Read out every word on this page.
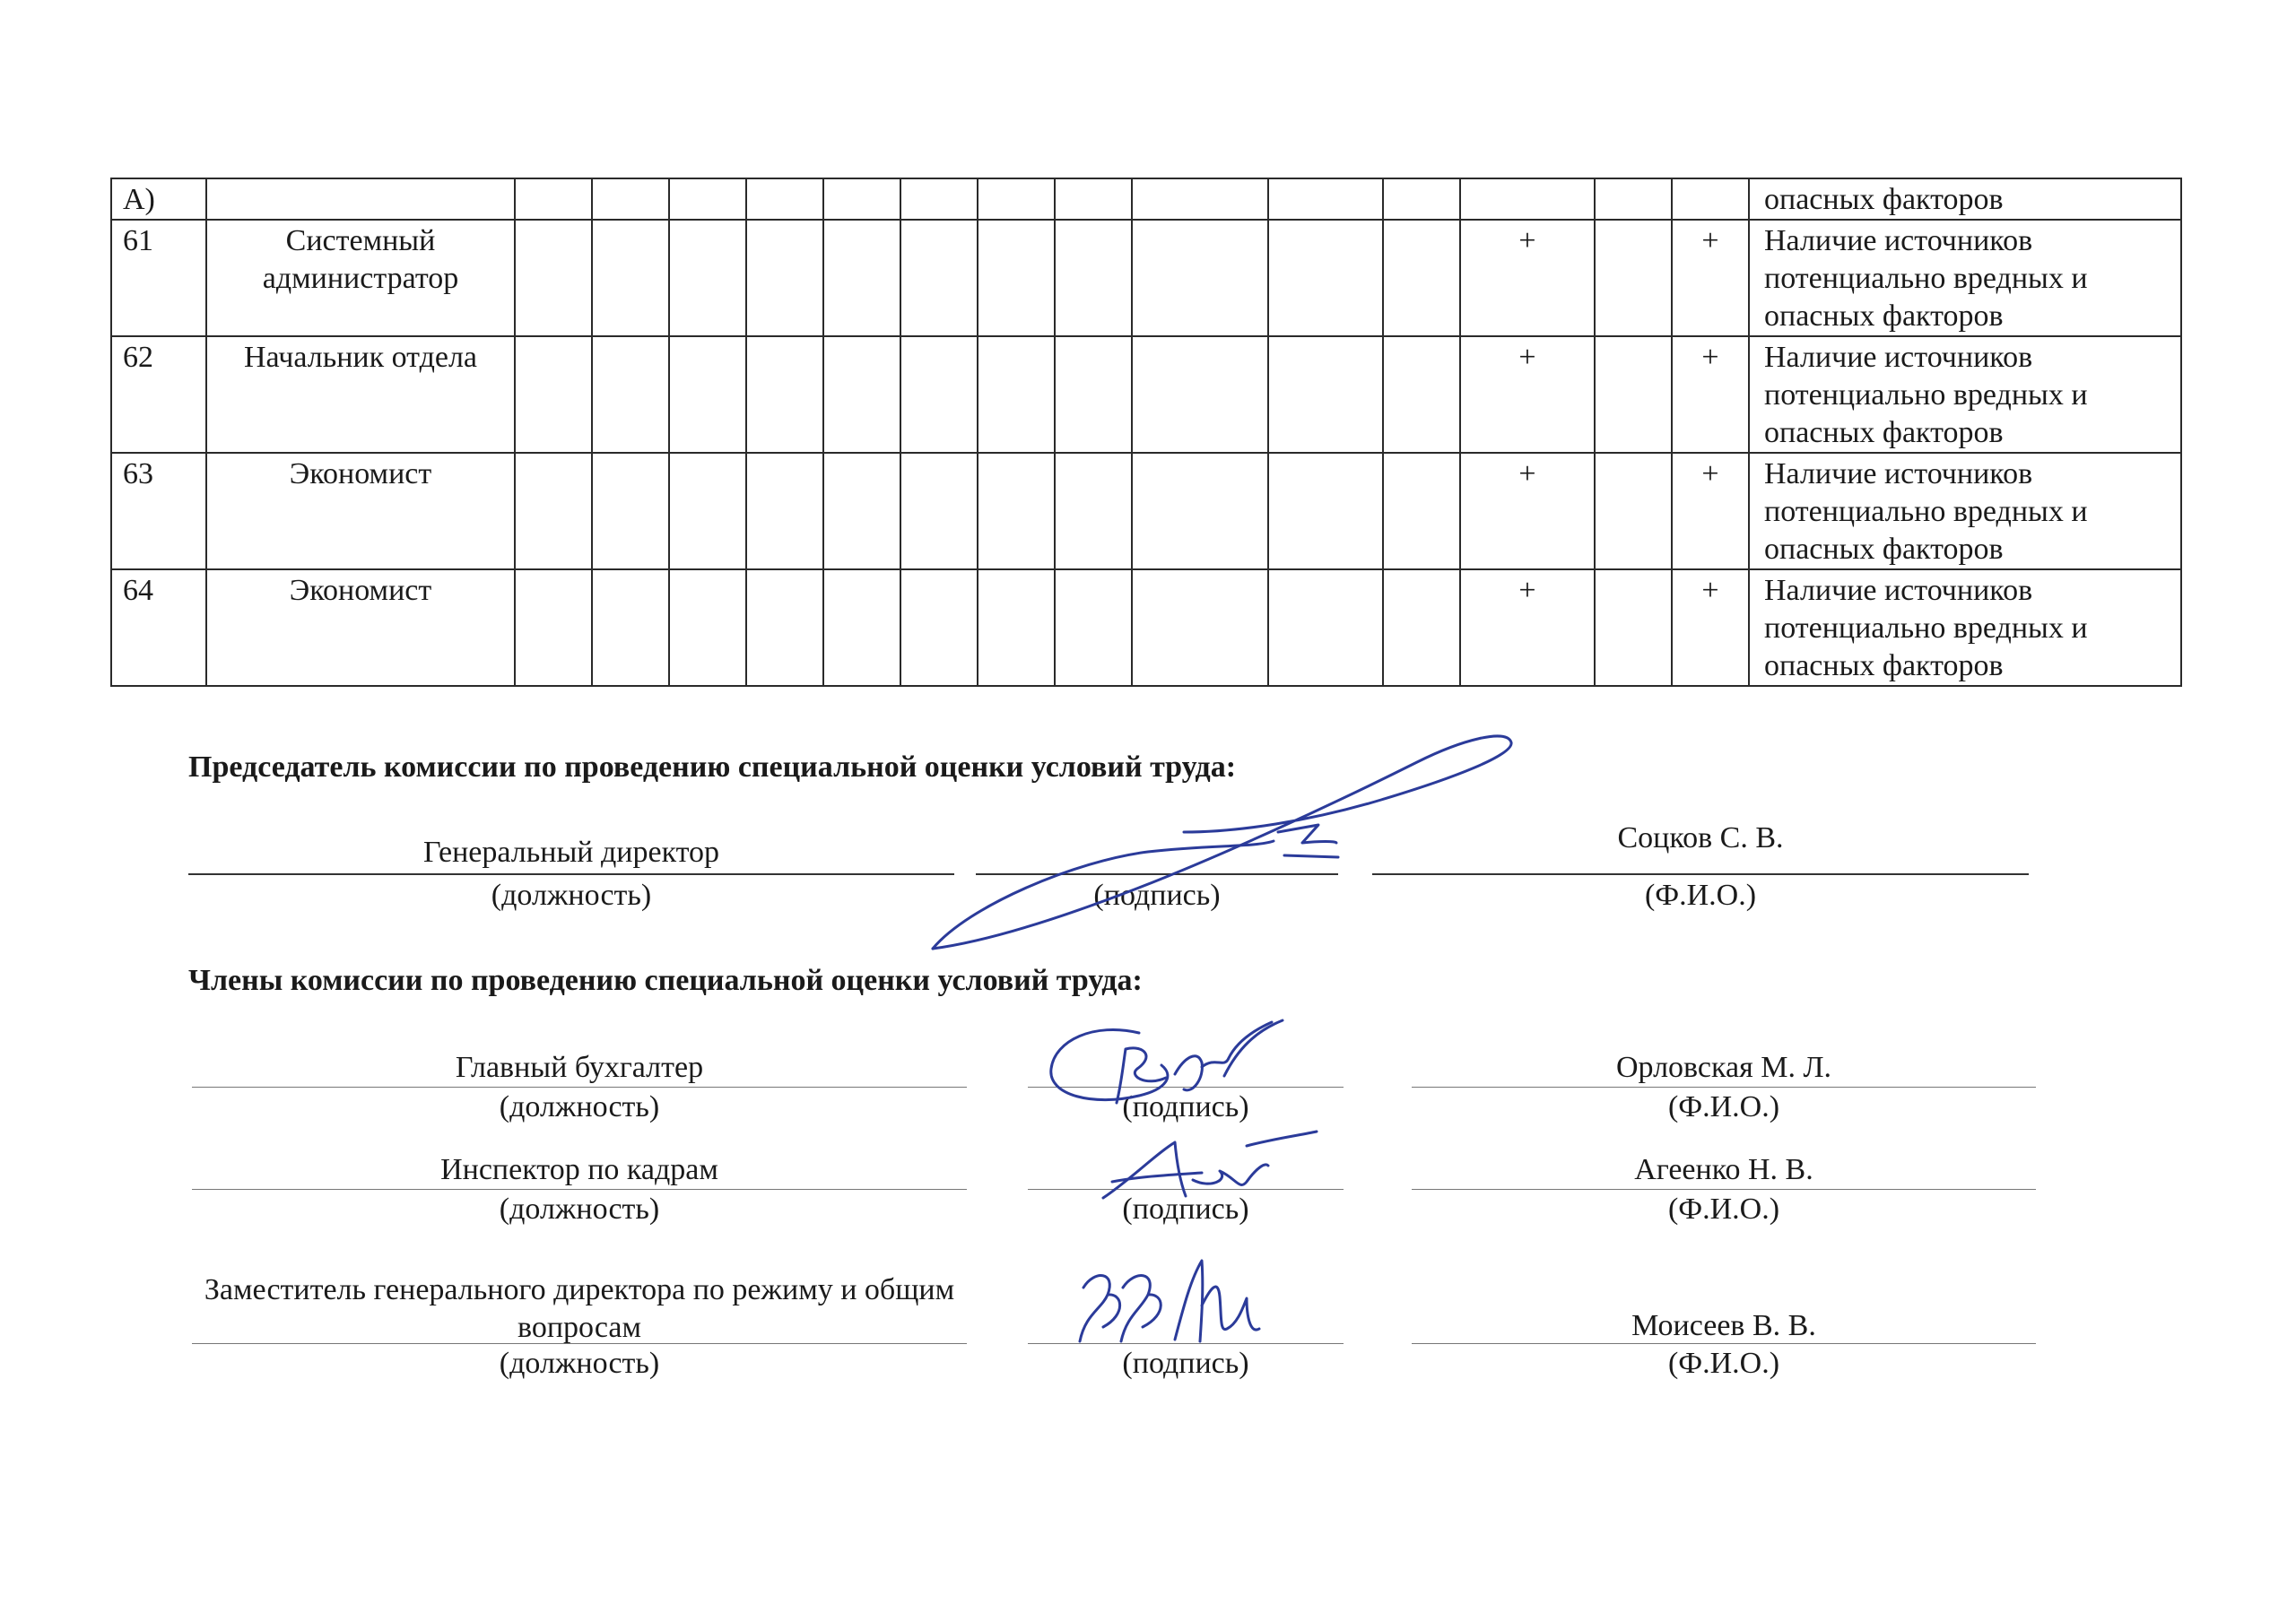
А)																опасных факторов
61	Системный администратор												+		+	Наличие источников потенциально вредных и опасных факторов
62	Начальник отдела												+		+	Наличие источников потенциально вредных и опасных факторов
63	Экономист												+		+	Наличие источников потенциально вредных и опасных факторов
64	Экономист												+		+	Наличие источников потенциально вредных и опасных факторов
Председатель комиссии по проведению специальной оценки условий труда:
Генеральный директор
(должность)	(подпись)
Соцков С. В.
(Ф.И.О.)
Члены комиссии по проведению специальной оценки условий труда:
Главный бухгалтер
(должность)	(подпись)
Орловская М. Л.
(Ф.И.О.)
Инспектор по кадрам
(должность)	(подпись)
Агеенко Н. В.
(Ф.И.О.)
Заместитель генерального директора по режиму и общим вопросам
(должность)	(подпись)
Моисеев В. В.
(Ф.И.О.)
